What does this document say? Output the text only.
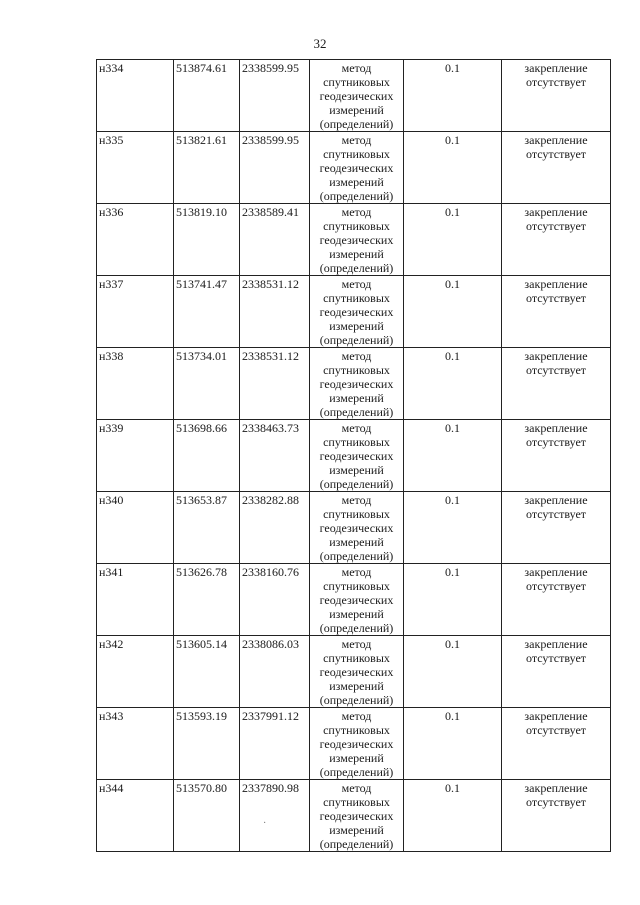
32
н334	513874.61	2338599.95	метод спутниковых геодезических измерений (определений)	0.1	закрепление отсутствует
н335	513821.61	2338599.95	метод спутниковых геодезических измерений (определений)	0.1	закрепление отсутствует
н336	513819.10	2338589.41	метод спутниковых геодезических измерений (определений)	0.1	закрепление отсутствует
н337	513741.47	2338531.12	метод спутниковых геодезических измерений (определений)	0.1	закрепление отсутствует
н338	513734.01	2338531.12	метод спутниковых геодезических измерений (определений)	0.1	закрепление отсутствует
н339	513698.66	2338463.73	метод спутниковых геодезических измерений (определений)	0.1	закрепление отсутствует
н340	513653.87	2338282.88	метод спутниковых геодезических измерений (определений)	0.1	закрепление отсутствует
н341	513626.78	2338160.76	метод спутниковых геодезических измерений (определений)	0.1	закрепление отсутствует
н342	513605.14	2338086.03	метод спутниковых геодезических измерений (определений)	0.1	закрепление отсутствует
н343	513593.19	2337991.12	метод спутниковых геодезических измерений (определений)	0.1	закрепление отсутствует
н344	513570.80	2337890.98	метод спутниковых геодезических измерений (определений)	0.1	закрепление отсутствует
·
